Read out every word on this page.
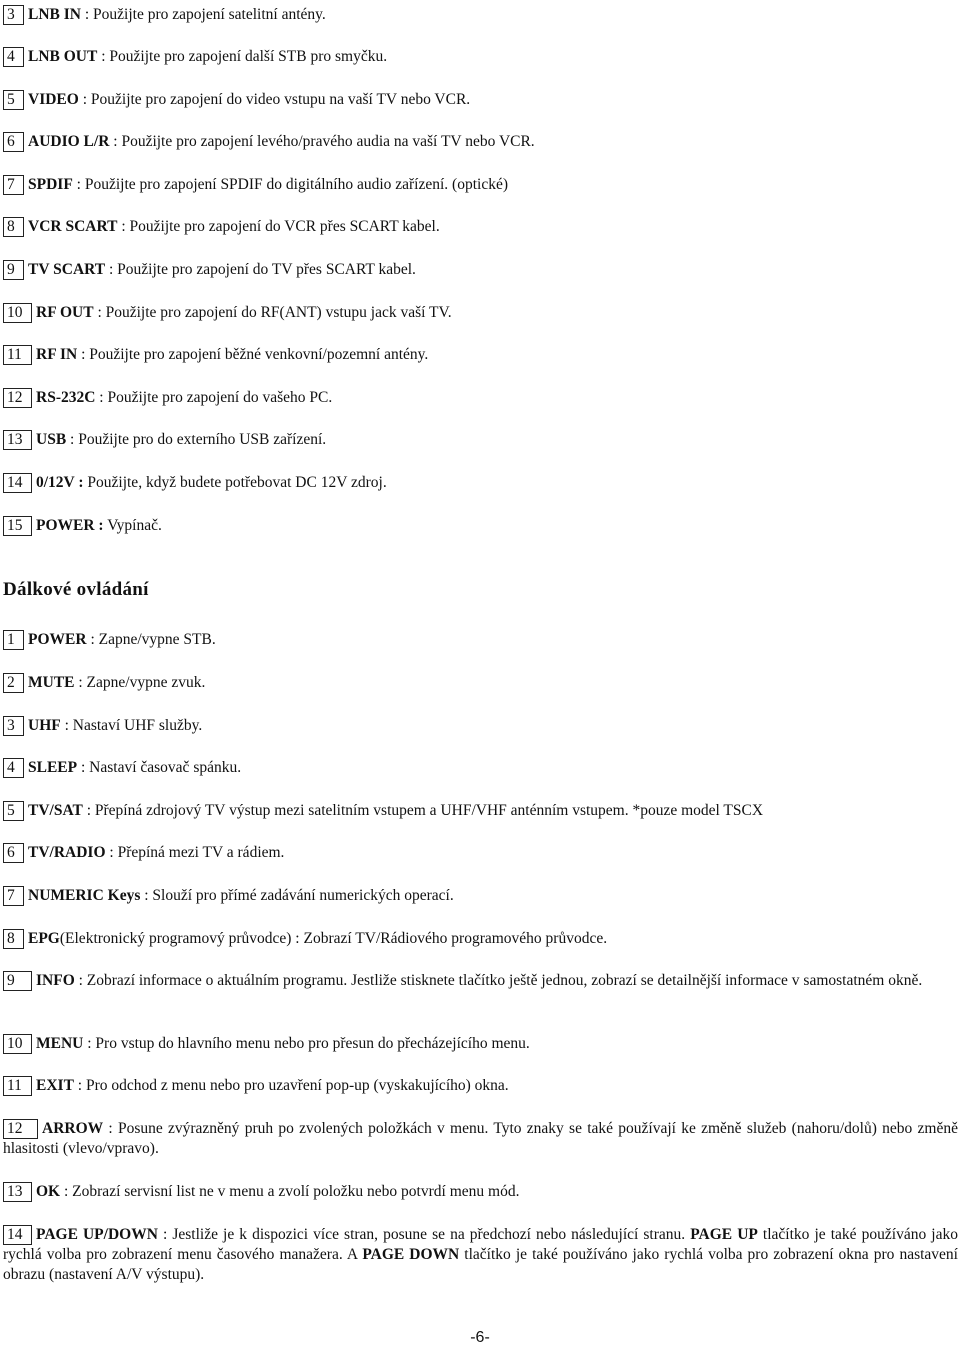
3 LNB IN : Použijte pro zapojení satelitní antény.
4 LNB OUT : Použijte pro zapojení další STB pro smyčku.
5 VIDEO : Použijte pro zapojení do video vstupu na vaší TV nebo VCR.
6 AUDIO L/R : Použijte pro zapojení levého/pravého audia na vaší TV nebo VCR.
7 SPDIF : Použijte pro zapojení SPDIF do digitálního audio zařízení. (optické)
8 VCR SCART : Použijte pro zapojení do VCR přes SCART kabel.
9 TV SCART : Použijte pro zapojení do TV přes SCART kabel.
10 RF OUT : Použijte pro zapojení do RF(ANT) vstupu jack vaší TV.
11 RF IN : Použijte pro zapojení běžné venkovní/pozemní antény.
12 RS-232C : Použijte pro zapojení do vašeho PC.
13 USB : Použijte pro do externího USB zařízení.
14 0/12V : Použijte, když budete potřebovat DC 12V zdroj.
15 POWER : Vypínač.
Dálkové ovládání
1 POWER : Zapne/vypne STB.
2 MUTE : Zapne/vypne zvuk.
3 UHF : Nastaví UHF služby.
4 SLEEP : Nastaví časovač spánku.
5 TV/SAT : Přepíná zdrojový TV výstup mezi satelitním vstupem a UHF/VHF anténním vstupem. *pouze model TSCX
6 TV/RADIO : Přepíná mezi TV a rádiem.
7 NUMERIC Keys : Slouží pro přímé zadávání numerických operací.
8 EPG(Elektronický programový průvodce) : Zobrazí TV/Rádiového programového průvodce.
9 INFO : Zobrazí informace o aktuálním programu. Jestliže stisknete tlačítko ještě jednou, zobrazí se detailnější informace v samostatném okně.
10 MENU : Pro vstup do hlavního menu nebo pro přesun do přecházejícího menu.
11 EXIT : Pro odchod z menu nebo pro uzavření pop-up (vyskakujícího) okna.
12 ARROW : Posune zvýrazněný pruh po zvolených položkách v menu. Tyto znaky se také používají ke změně služeb (nahoru/dolů) nebo změně hlasitosti (vlevo/vpravo).
13 OK : Zobrazí servisní list ne v menu a zvolí položku nebo potvrdí menu mód.
14 PAGE UP/DOWN : Jestliže je k dispozici více stran, posune se na předchozí nebo následující stranu. PAGE UP tlačítko je také používáno jako rychlá volba pro zobrazení menu časového manažera. A PAGE DOWN tlačítko je také používáno jako rychlá volba pro zobrazení okna pro nastavení obrazu (nastavení A/V výstupu).
-6-
